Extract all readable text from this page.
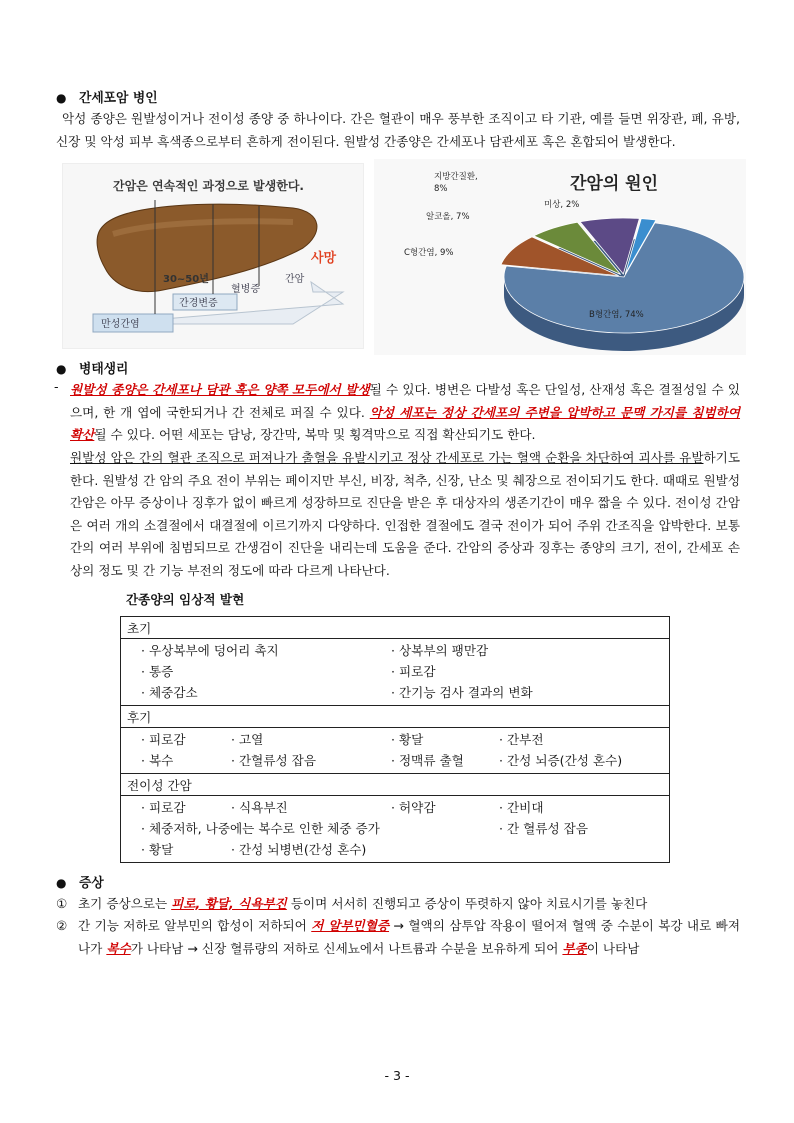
● 간세포암 병인

악성 종양은 원발성이거나 전이성 종양 중 하나이다. 간은 혈관이 매우 풍부한 조직이고 타 기관, 예를 들면 위장관, 폐, 유방, 신장 및 악성 피부 흑색종으로부터 흔하게 전이된다. 원발성 간종양은 간세포나 담관세포 혹은 혼합되어 발생한다.

간암은 연속적인 과정으로 발생한다.
만성간염
간경변증
혈병증
30~50년	간암
사망
간암의 원인
B형간염, 74%
C형간염, 9%
알코올, 7%
지방간질환, 8%
미상, 2%
● 병태생리
- 원발성 종양은 간세포나 담관 혹은 양쪽 모두에서 발생될 수 있다. 병변은 다발성 혹은 단일성, 산재성 혹은 결절성일 수 있으며, 한 개 엽에 국한되거나 간 전체로 퍼질 수 있다. 악성 세포는 정상 간세포의 주변을 압박하고 문맥 가지를 침범하여 확산될 수 있다. 어떤 세포는 담낭, 장간막, 복막 및 횡격막으로 직접 확산되기도 한다.

원발성 암은 간의 혈관 조직으로 퍼져나가 출혈을 유발시키고 정상 간세포로 가는 혈액 순환을 차단하여 괴사를 유발하기도 한다. 원발성 간 암의 주요 전이 부위는 폐이지만 부신, 비장, 척추, 신장, 난소 및 췌장으로 전이되기도 한다. 때때로 원발성 간암은 아무 증상이나 징후가 없이 빠르게 성장하므로 진단을 받은 후 대상자의 생존기간이 매우 짧을 수 있다. 전이성 간암은 여러 개의 소결절에서 대결절에 이르기까지 다양하다. 인접한 결절에도 결국 전이가 되어 주위 간조직을 압박한다. 보통 간의 여러 부위에 침범되므로 간생검이 진단을 내리는데 도움을 준다. 간암의 증상과 징후는 종양의 크기, 전이, 간세포 손상의 정도 및 간 기능 부전의 정도에 따라 다르게 나타난다.

간종양의 임상적 발현
초기

· 우상복부에 덩어리 촉지	· 상복부의 팽만감
· 통증	· 피로감
· 체중감소	· 간기능 검사 결과의 변화

후기

· 피로감	· 고열	· 황달	· 간부전
· 복수	· 간혈류성 잡음	· 정맥류 출혈	· 간성 뇌증(간성 혼수)

전이성 간암

· 피로감	· 식욕부진	· 허약감	· 간비대
· 체중저하, 나중에는 복수로 인한 체중 증가	· 간 혈류성 잡음
· 황달	· 간성 뇌병변(간성 혼수)
● 증상

① 초기 증상으로는 피로, 황달, 식욕부진 등이며 서서히 진행되고 증상이 뚜렷하지 않아 치료시기를 놓친다

② 간 기능 저하로 알부민의 합성이 저하되어 저 알부민혈증 → 혈액의 삼투압 작용이 떨어져 혈액 중 수분이 복강 내로 빠져나가 복수가 나타남 → 신장 혈류량의 저하로 신세뇨에서 나트륨과 수분을 보유하게 되어 부종이 나타남

- 3 -
